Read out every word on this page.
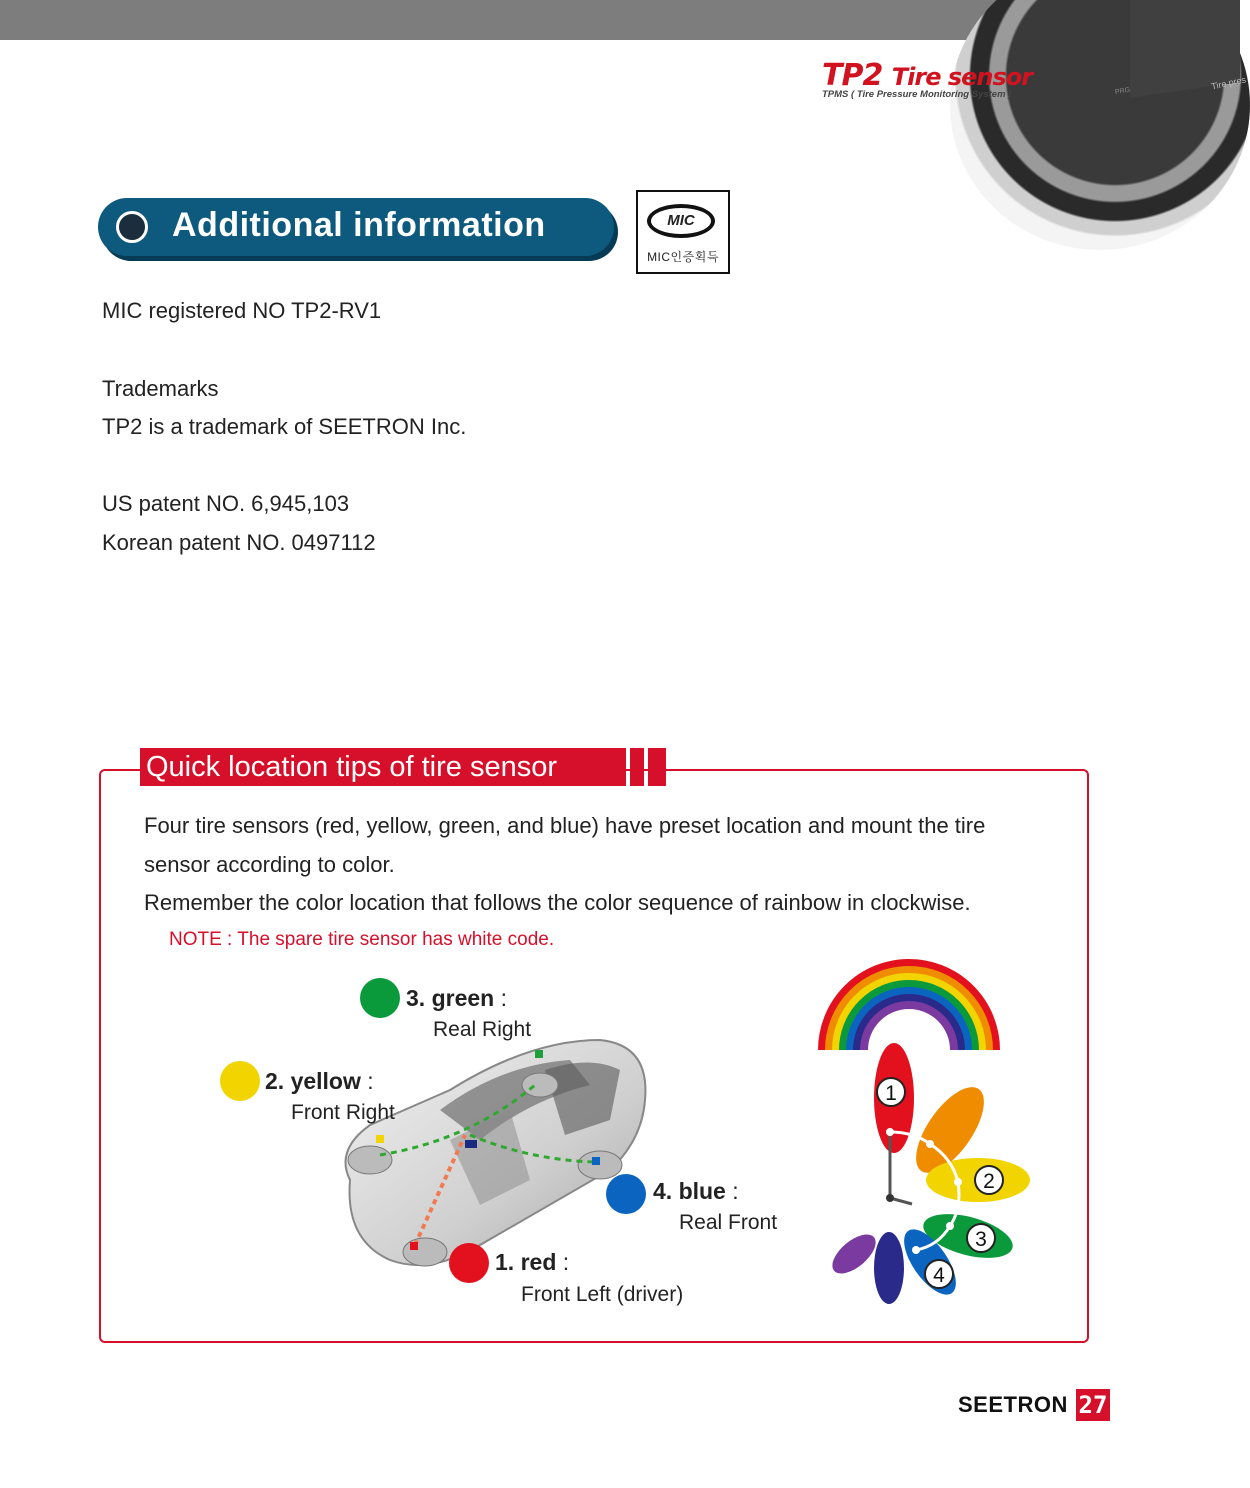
PRG	Tire pres
TP2 Tire sensor
TPMS ( Tire Pressure Monitoring System )
Additional information	MIC
MIC인증획득
MIC registered NO TP2-RV1
Trademarks
TP2 is a trademark of SEETRON Inc.
US patent NO. 6,945,103
Korean patent NO. 0497112
Quick location tips of tire sensor
Four tire sensors (red, yellow, green, and blue) have preset location and mount the tire
sensor according to color.
Remember the color location that follows the color sequence of rainbow in clockwise.
NOTE : The spare tire sensor has white code.
3. green :
Real Right
2. yellow :
Front Right
4. blue :
Real Front
1. red :
Front Left (driver)
1
2
3
4
SEETRON 27
